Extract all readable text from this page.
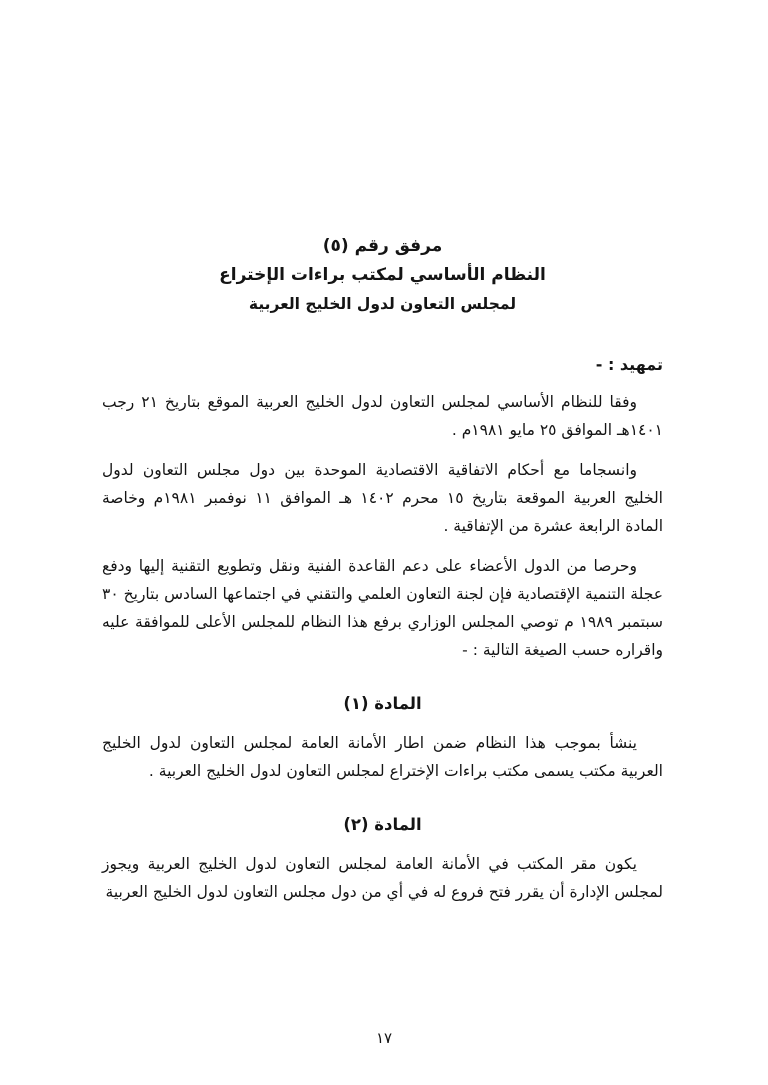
مرفق رقم (٥)
النظام الأساسي لمكتب براءات الإختراع
لمجلس التعاون لدول الخليج العربية
تمهيد : -

وفقا للنظام الأساسي لمجلس التعاون لدول الخليج العربية الموقع بتاريخ ٢١ رجب ١٤٠١هـ الموافق ٢٥ مايو ١٩٨١م .

وانسجاما مع أحكام الاتفاقية الاقتصادية الموحدة بين دول مجلس التعاون لدول الخليج العربية الموقعة بتاريخ ١٥ محرم ١٤٠٢ هـ الموافق ١١ نوفمبر ١٩٨١م وخاصة المادة الرابعة عشرة من الإتفاقية .

وحرصا من الدول الأعضاء على دعم القاعدة الفنية ونقل وتطويع التقنية إليها ودفع عجلة التنمية الإقتصادية فإن لجنة التعاون العلمي والتقني في اجتماعها السادس بتاريخ ٣٠ سبتمبر ١٩٨٩ م توصي المجلس الوزاري برفع هذا النظام للمجلس الأعلى للموافقة عليه واقراره حسب الصيغة التالية : -

المادة (١)

ينشأ بموجب هذا النظام ضمن اطار الأمانة العامة لمجلس التعاون لدول الخليج العربية مكتب يسمى مكتب براءات الإختراع لمجلس التعاون لدول الخليج العربية .

المادة (٢)

يكون مقر المكتب في الأمانة العامة لمجلس التعاون لدول الخليج العربية ويجوز لمجلس الإدارة أن يقرر فتح فروع له في أي من دول مجلس التعاون لدول الخليج العربية

١٧
